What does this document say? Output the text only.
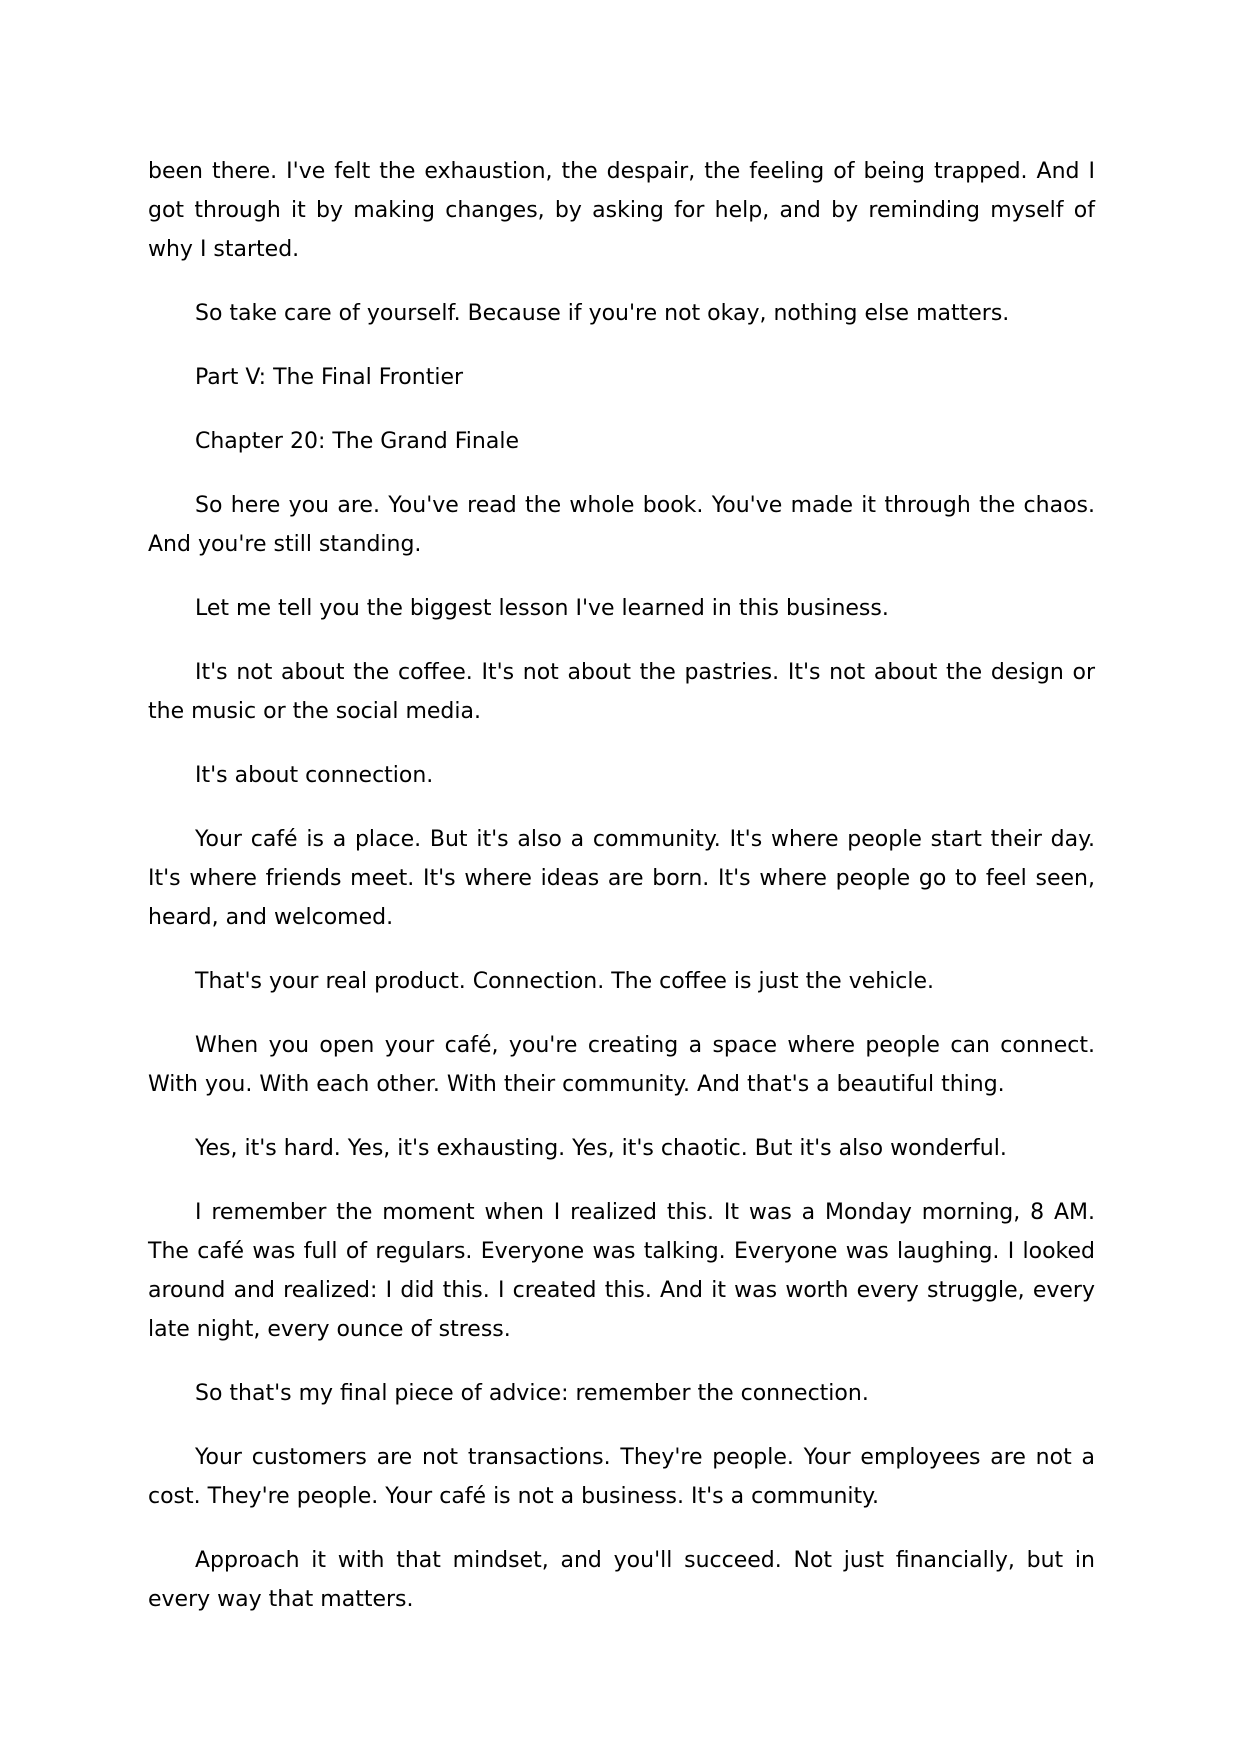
been there. I've felt the exhaustion, the despair, the feeling of being trapped. And I got through it by making changes, by asking for help, and by reminding myself of why I started.

So take care of yourself. Because if you're not okay, nothing else matters.

Part V: The Final Frontier

Chapter 20: The Grand Finale

So here you are. You've read the whole book. You've made it through the chaos. And you're still standing.

Let me tell you the biggest lesson I've learned in this business.

It's not about the coffee. It's not about the pastries. It's not about the design or the music or the social media.

It's about connection.

Your café is a place. But it's also a community. It's where people start their day. It's where friends meet. It's where ideas are born. It's where people go to feel seen, heard, and welcomed.

That's your real product. Connection. The coffee is just the vehicle.

When you open your café, you're creating a space where people can connect. With you. With each other. With their community. And that's a beautiful thing.

Yes, it's hard. Yes, it's exhausting. Yes, it's chaotic. But it's also wonderful.

I remember the moment when I realized this. It was a Monday morning, 8 AM. The café was full of regulars. Everyone was talking. Everyone was laughing. I looked around and realized: I did this. I created this. And it was worth every struggle, every late night, every ounce of stress.

So that's my final piece of advice: remember the connection.

Your customers are not transactions. They're people. Your employees are not a cost. They're people. Your café is not a business. It's a community.

Approach it with that mindset, and you'll succeed. Not just financially, but in every way that matters.
